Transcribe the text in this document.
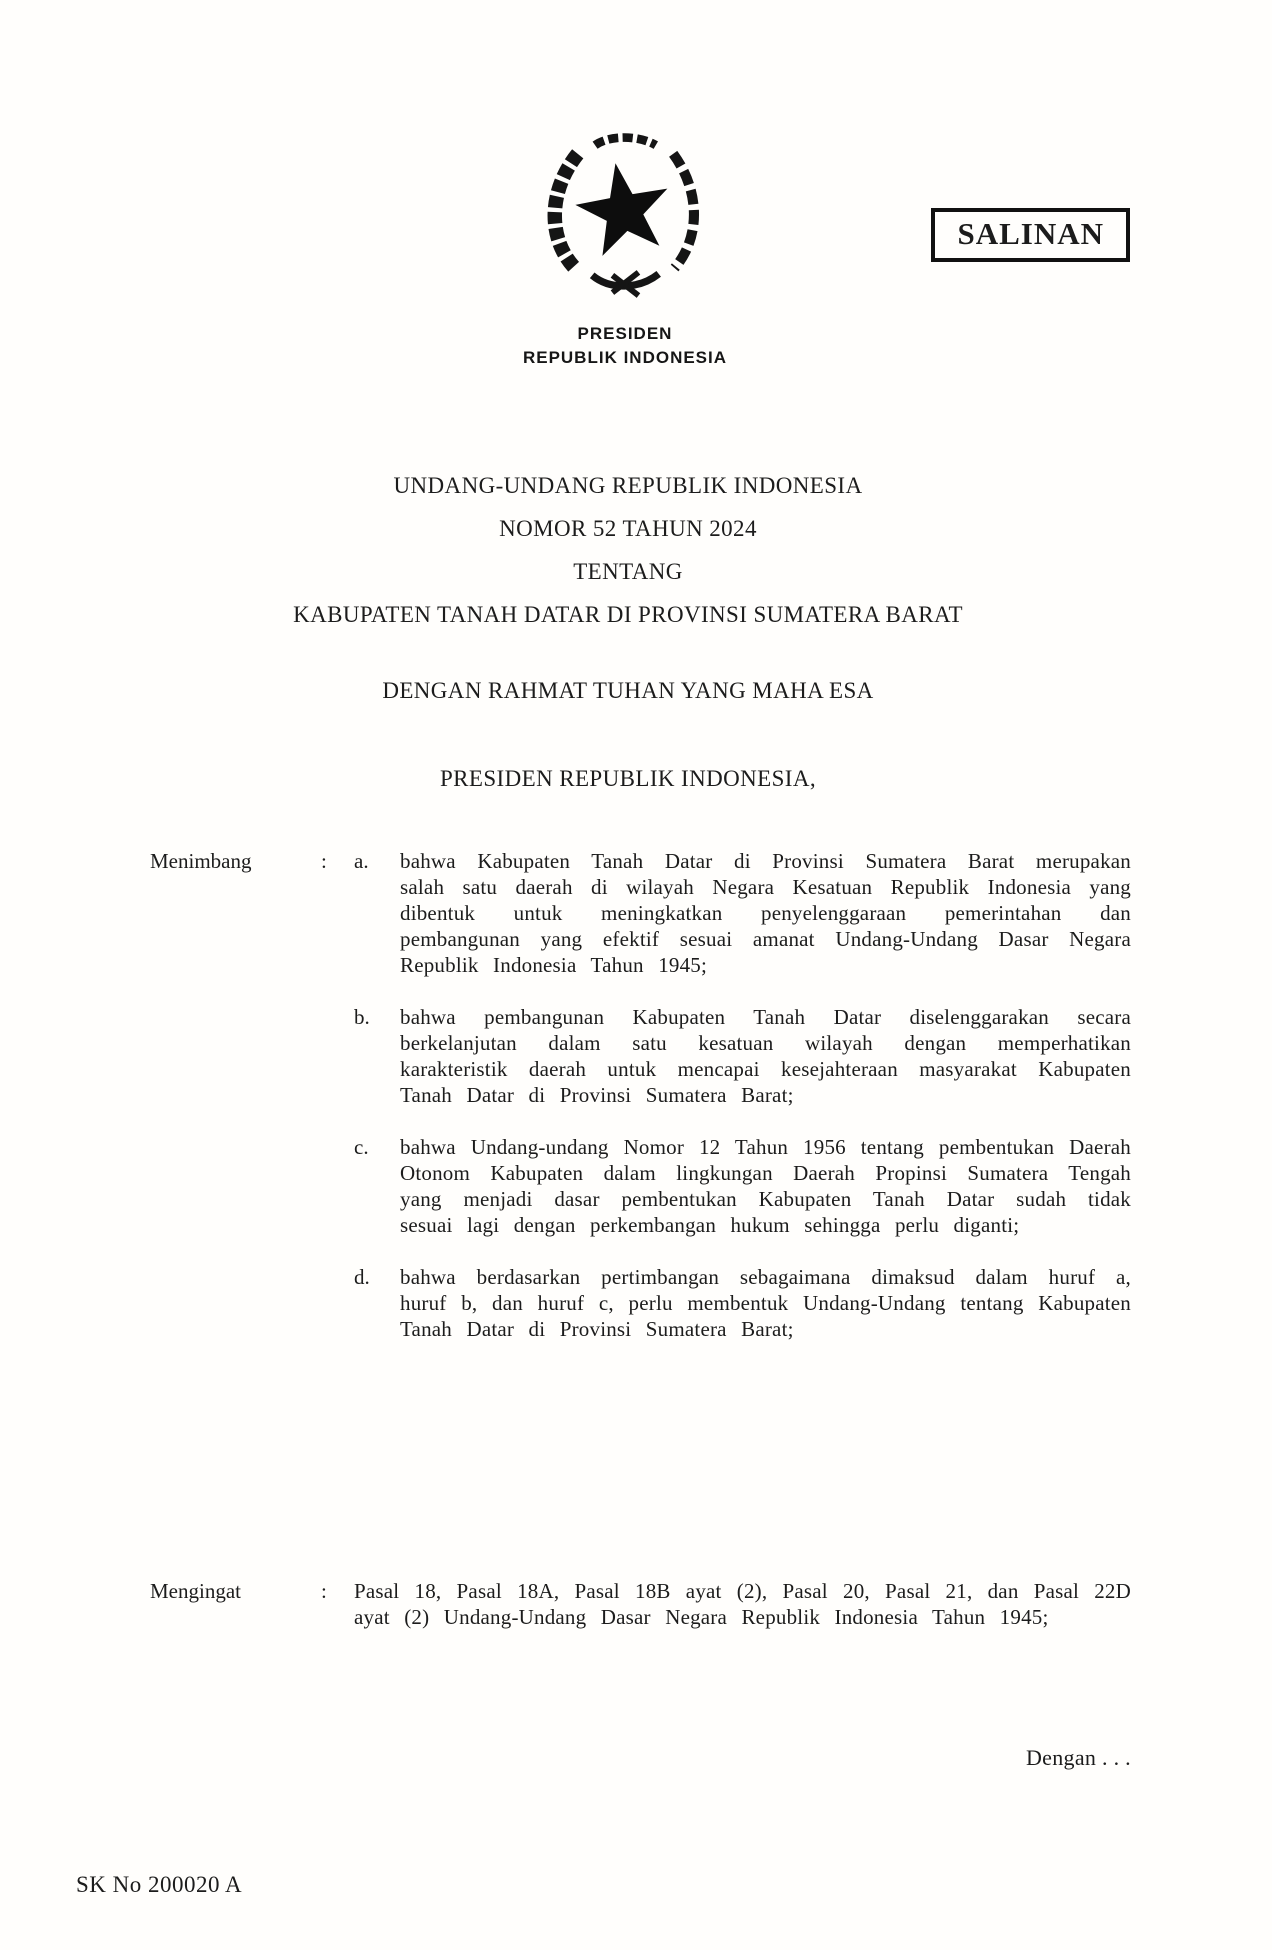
SALINAN
PRESIDEN
REPUBLIK INDONESIA
UNDANG-UNDANG REPUBLIK INDONESIA
NOMOR 52 TAHUN 2024
TENTANG
KABUPATEN TANAH DATAR DI PROVINSI SUMATERA BARAT
DENGAN RAHMAT TUHAN YANG MAHA ESA
PRESIDEN REPUBLIK INDONESIA,
Menimbang	:	a.	bahwa Kabupaten Tanah Datar di Provinsi Sumatera Barat merupakan salah satu daerah di wilayah Negara Kesatuan Republik Indonesia yang dibentuk untuk meningkatkan penyelenggaraan pemerintahan dan pembangunan yang efektif sesuai amanat Undang-Undang Dasar Negara Republik Indonesia Tahun 1945;

b.	bahwa pembangunan Kabupaten Tanah Datar diselenggarakan secara berkelanjutan dalam satu kesatuan wilayah dengan memperhatikan karakteristik daerah untuk mencapai kesejahteraan masyarakat Kabupaten Tanah Datar di Provinsi Sumatera Barat;

c.	bahwa Undang-undang Nomor 12 Tahun 1956 tentang pembentukan Daerah Otonom Kabupaten dalam lingkungan Daerah Propinsi Sumatera Tengah yang menjadi dasar pembentukan Kabupaten Tanah Datar sudah tidak sesuai lagi dengan perkembangan hukum sehingga perlu diganti;

d.	bahwa berdasarkan pertimbangan sebagaimana dimaksud dalam huruf a, huruf b, dan huruf c, perlu membentuk Undang-Undang tentang Kabupaten Tanah Datar di Provinsi Sumatera Barat;

Mengingat	:	Pasal 18, Pasal 18A, Pasal 18B ayat (2), Pasal 20, Pasal 21, dan Pasal 22D ayat (2) Undang-Undang Dasar Negara Republik Indonesia Tahun 1945;

Dengan . . .
SK No 200020 A
